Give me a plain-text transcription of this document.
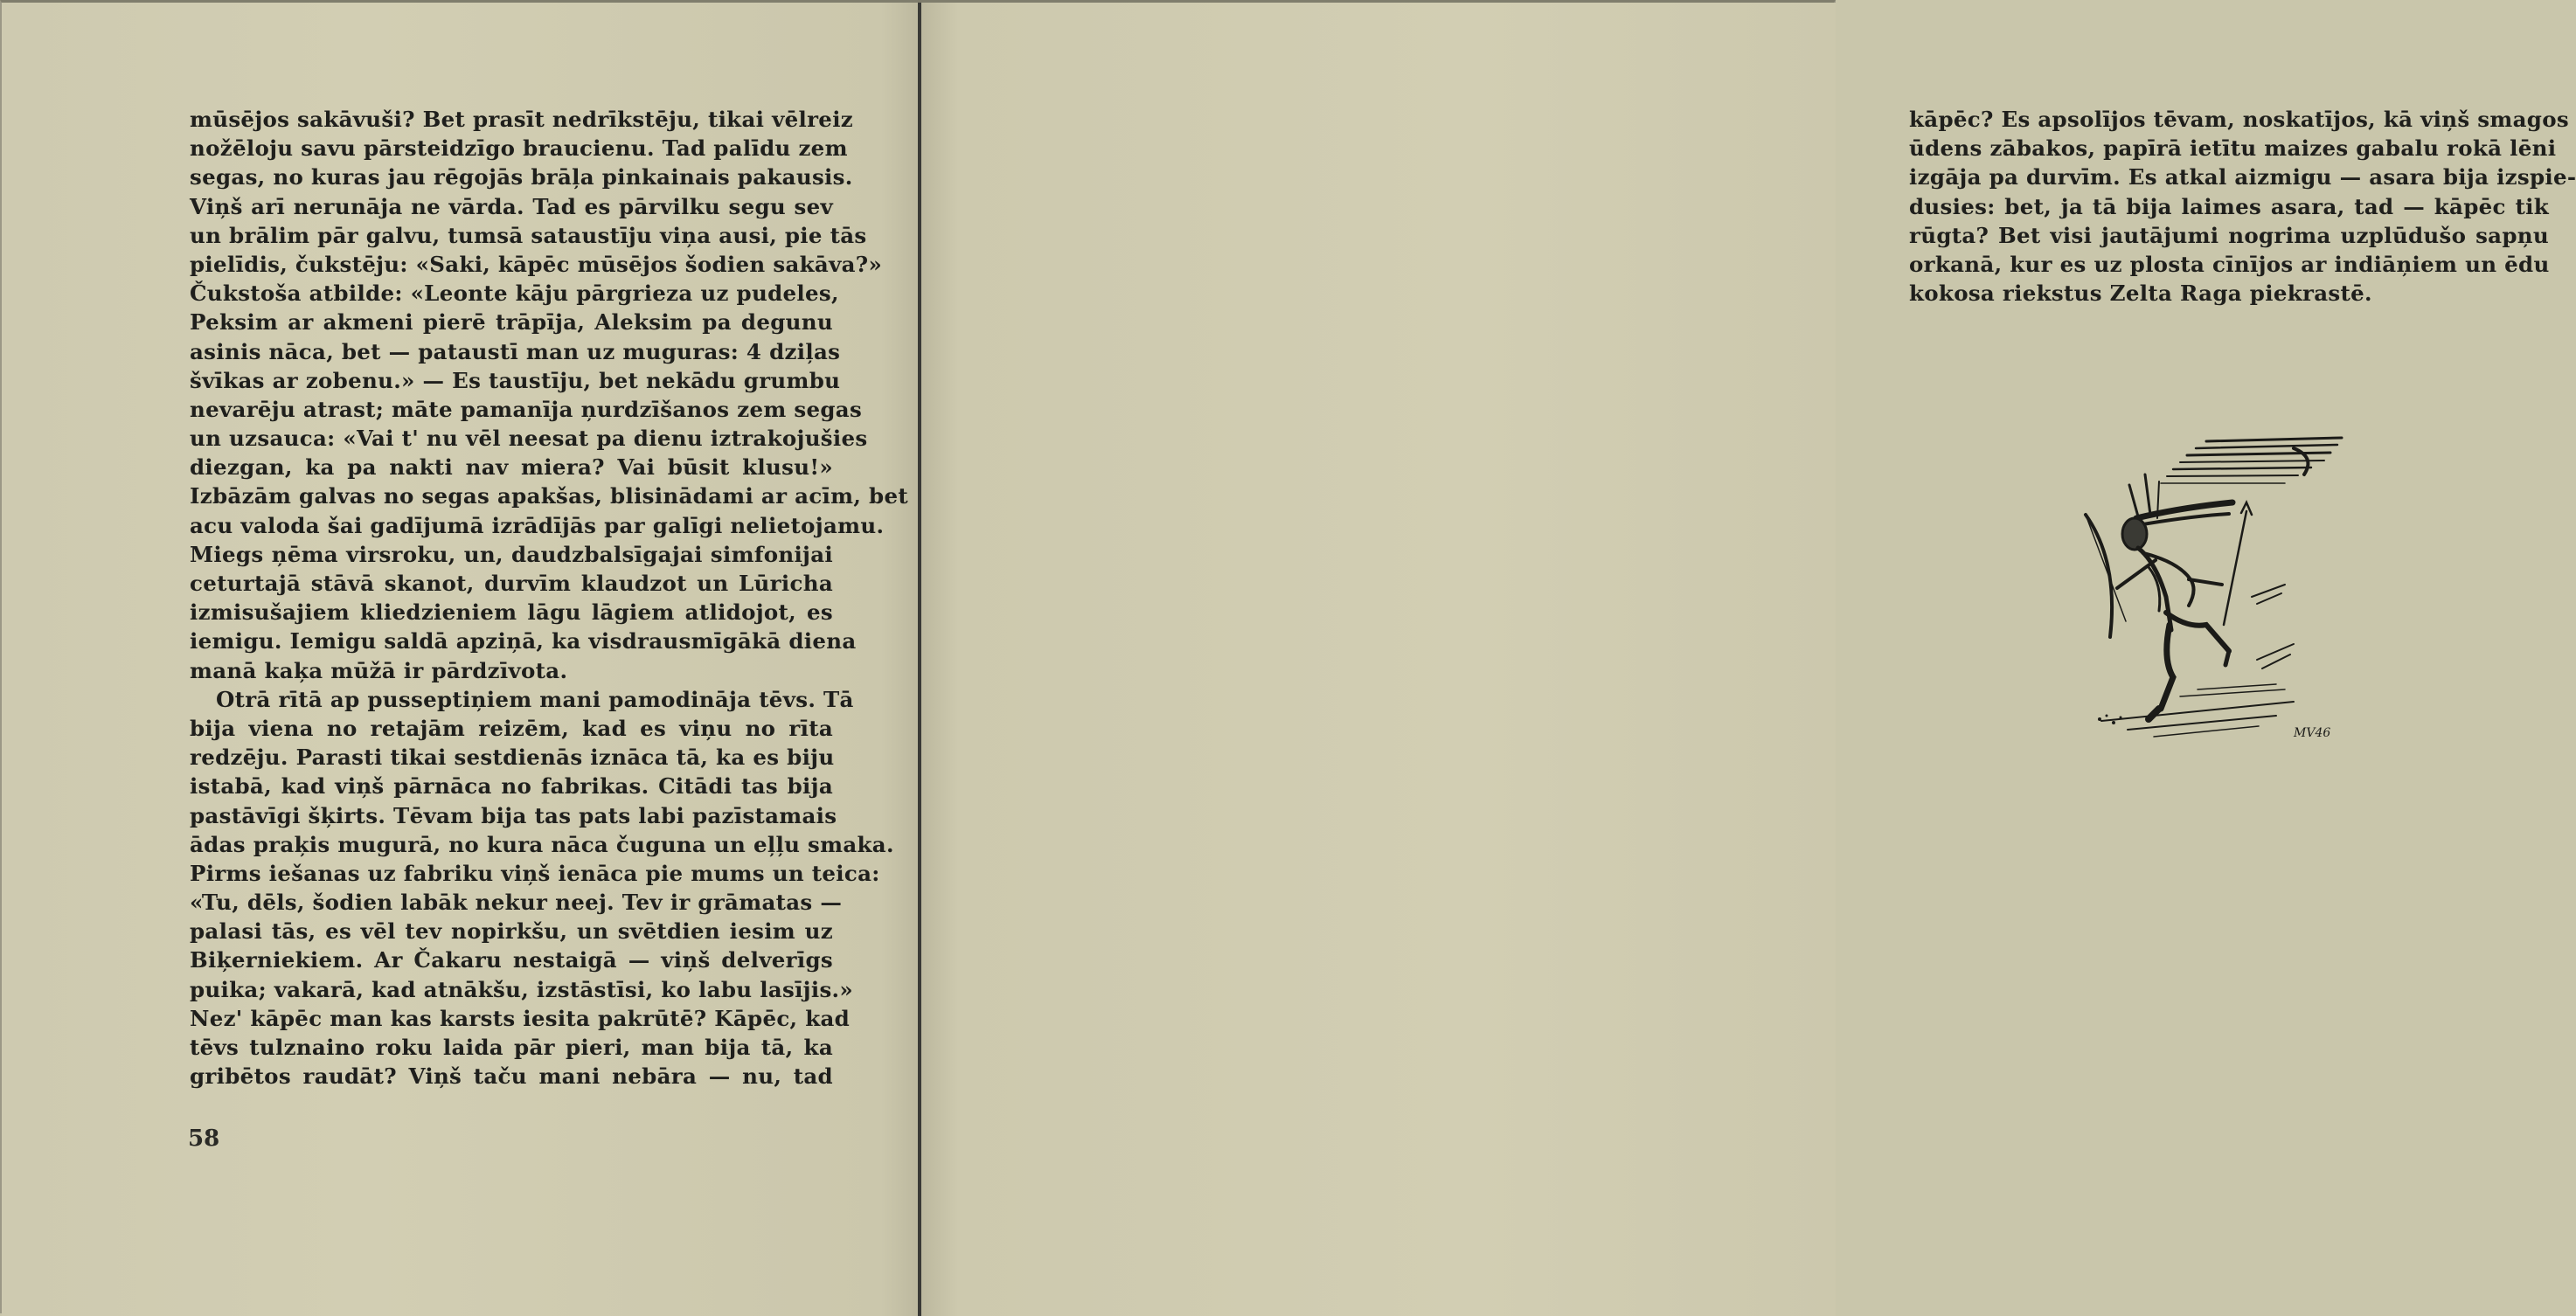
mūsējos sakāvuši? Bet prasīt nedrīkstēju, tikai vēlreiz
nožēloju savu pārsteidzīgo braucienu. Tad palīdu zem
segas, no kuras jau rēgojās brāļa pinkainais pakausis.
Viņš arī nerunāja ne vārda. Tad es pārvilku segu sev
un brālim pār galvu, tumsā sataustīju viņa ausi, pie tās
pielīdis, čukstēju: «Saki, kāpēc mūsējos šodien sakāva?»
Čukstoša atbilde: «Leonte kāju pārgrieza uz pudeles,
Peksim ar akmeni pierē trāpīja, Aleksim pa degunu
asinis nāca, bet — pataustī man uz muguras: 4 dziļas
švīkas ar zobenu.» — Es taustīju, bet nekādu grumbu
nevarēju atrast; māte pamanīja ņurdzīšanos zem segas
un uzsauca: «Vai t' nu vēl neesat pa dienu iztrakojušies
diezgan, ka pa nakti nav miera? Vai būsit klusu!»
Izbāzām galvas no segas apakšas, blisinādami ar acīm, bet
acu valoda šai gadījumā izrādījās par galīgi nelietojamu.
Miegs ņēma virsroku, un, daudzbalsīgajai simfonijai
ceturtajā stāvā skanot, durvīm klaudzot un Lūricha
izmisušajiem kliedzieniem lāgu lāgiem atlidojot, es
iemigu. Iemigu saldā apziņā, ka visdrausmīgākā diena
manā kaķa mūžā ir pārdzīvota.
Otrā rītā ap pusseptiņiem mani pamodināja tēvs. Tā
bija viena no retajām reizēm, kad es viņu no rīta
redzēju. Parasti tikai sestdienās iznāca tā, ka es biju
istabā, kad viņš pārnāca no fabrikas. Citādi tas bija
pastāvīgi šķirts. Tēvam bija tas pats labi pazīstamais
ādas praķis mugurā, no kura nāca čuguna un eļļu smaka.
Pirms iešanas uz fabriku viņš ienāca pie mums un teica:
«Tu, dēls, šodien labāk nekur neej. Tev ir grāmatas —
palasi tās, es vēl tev nopirkšu, un svētdien iesim uz
Biķerniekiem. Ar Čakaru nestaigā — viņš delverīgs
puika; vakarā, kad atnākšu, izstāstīsi, ko labu lasījis.»
Nez' kāpēc man kas karsts iesita pakrūtē? Kāpēc, kad
tēvs tulznaino roku laida pār pieri, man bija tā, ka
gribētos raudāt? Viņš taču mani nebāra — nu, tad
58
kāpēc? Es apsolījos tēvam, noskatījos, kā viņš smagos
ūdens zābakos, papīrā ietītu maizes gabalu rokā lēni
izgāja pa durvīm. Es atkal aizmigu — asara bija izspie-
dusies: bet, ja tā bija laimes asara, tad — kāpēc tik
rūgta? Bet visi jautājumi nogrima uzplūdušo sapņu
orkanā, kur es uz plosta cīnījos ar indiāņiem un ēdu
kokosa riekstus Zelta Raga piekrastē.
MV46
